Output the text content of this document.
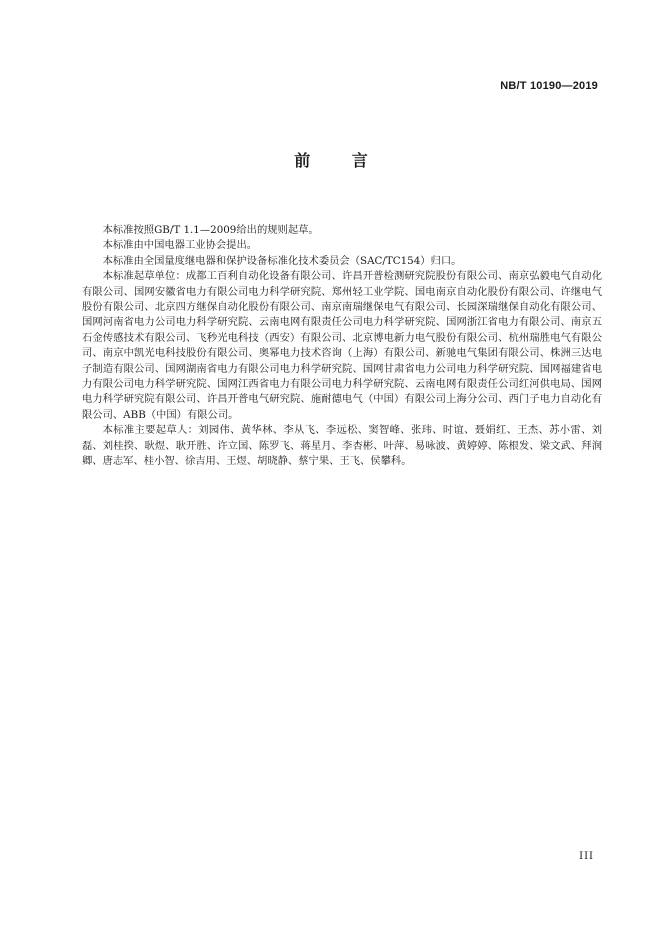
NB/T 10190—2019
前 言

本标准按照GB/T 1.1—2009给出的规则起草。

本标准由中国电器工业协会提出。

本标准由全国量度继电器和保护设备标准化技术委员会（SAC/TC154）归口。

本标准起草单位：成都工百利自动化设备有限公司、许昌开普检测研究院股份有限公司、南京弘毅电气自动化有限公司、国网安徽省电力有限公司电力科学研究院、郑州轻工业学院、国电南京自动化股份有限公司、许继电气股份有限公司、北京四方继保自动化股份有限公司、南京南瑞继保电气有限公司、长园深瑞继保自动化有限公司、国网河南省电力公司电力科学研究院、云南电网有限责任公司电力科学研究院、国网浙江省电力有限公司、南京五石金传感技术有限公司、飞秒光电科技（西安）有限公司、北京博电新力电气股份有限公司、杭州瑞胜电气有限公司、南京中凯光电科技股份有限公司、奥幂电力技术咨询（上海）有限公司、新驰电气集团有限公司、株洲三达电子制造有限公司、国网湖南省电力有限公司电力科学研究院、国网甘肃省电力公司电力科学研究院、国网福建省电力有限公司电力科学研究院、国网江西省电力有限公司电力科学研究院、云南电网有限责任公司红河供电局、国网电力科学研究院有限公司、许昌开普电气研究院、施耐德电气（中国）有限公司上海分公司、西门子电力自动化有限公司、ABB（中国）有限公司。

本标准主要起草人：刘园伟、黄华林、李从飞、李远松、窦智峰、张玮、时谊、聂娟红、王杰、苏小雷、刘磊、刘桂揆、耿煜、耿开胜、许立国、陈罗飞、蒋星月、李杏彬、叶萍、易咏波、黄婷婷、陈根发、梁文武、拜润卿、唐志军、桂小智、徐吉用、王煜、胡晓静、蔡宁果、王飞、侯攀科。

III
